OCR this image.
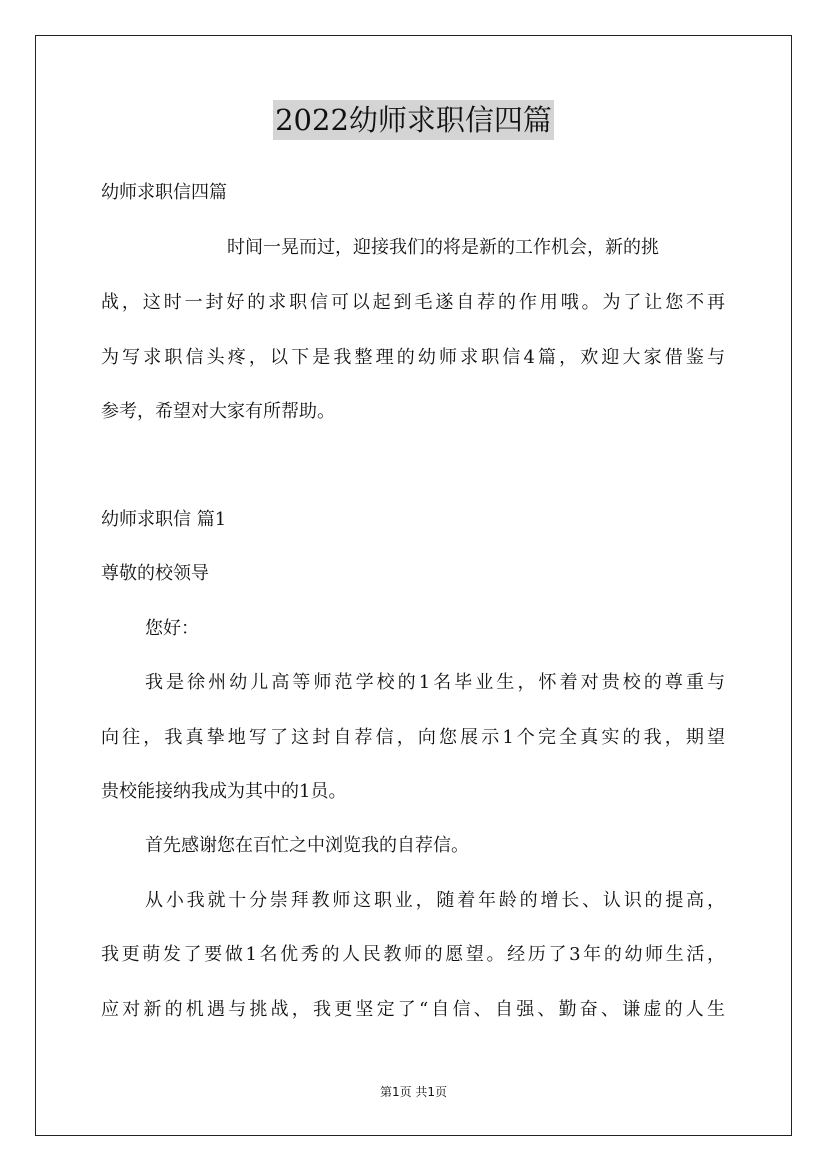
2022幼师求职信四篇
幼师求职信四篇
时间一晃而过，迎接我们的将是新的工作机会，新的挑
战，这时一封好的求职信可以起到毛遂自荐的作用哦。为了让您不再
为写求职信头疼，以下是我整理的幼师求职信4篇，欢迎大家借鉴与
参考，希望对大家有所帮助。
幼师求职信 篇1
尊敬的校领导
您好：
我是徐州幼儿高等师范学校的1名毕业生，怀着对贵校的尊重与
向往，我真挚地写了这封自荐信，向您展示1个完全真实的我，期望
贵校能接纳我成为其中的1员。
首先感谢您在百忙之中浏览我的自荐信。
从小我就十分崇拜教师这职业，随着年龄的增长、认识的提高，
我更萌发了要做1名优秀的人民教师的愿望。经历了3年的幼师生活，
应对新的机遇与挑战，我更坚定了“自信、自强、勤奋、谦虚的人生
第1页 共1页
